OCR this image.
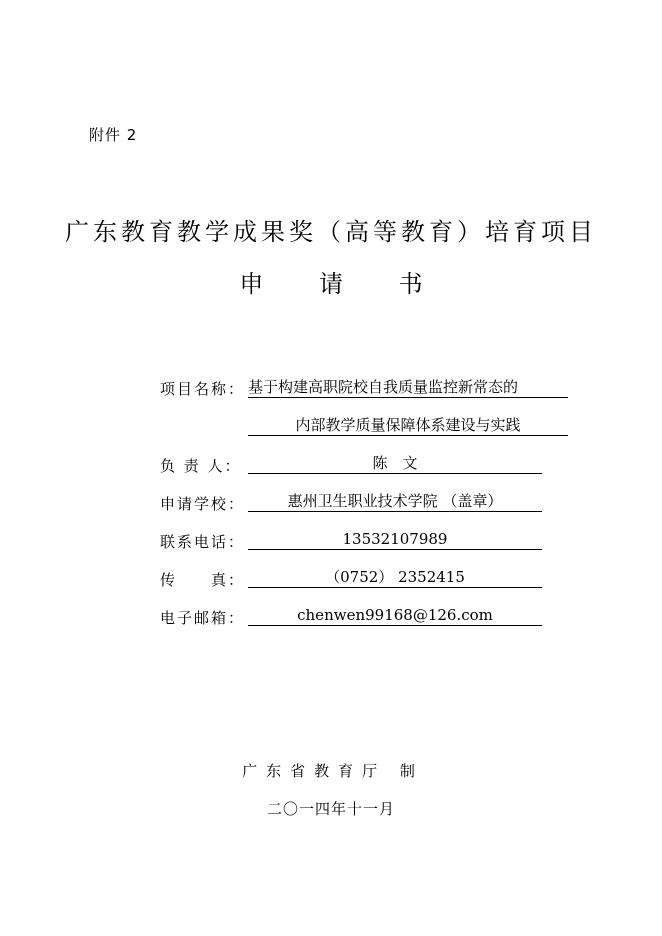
附件 2
广东教育教学成果奖（高等教育）培育项目
申 请 书
项目名称： 基于构建高职院校自我质量监控新常态的
内部教学质量保障体系建设与实践
负 责 人：	陈　文
申请学校：	惠州卫生职业技术学院 （盖章）
联系电话：	13532107989
传　　真：	（0752） 2352415
电子邮箱：	chenwen99168@126.com
广东省教育厅 制
二〇一四年十一月
